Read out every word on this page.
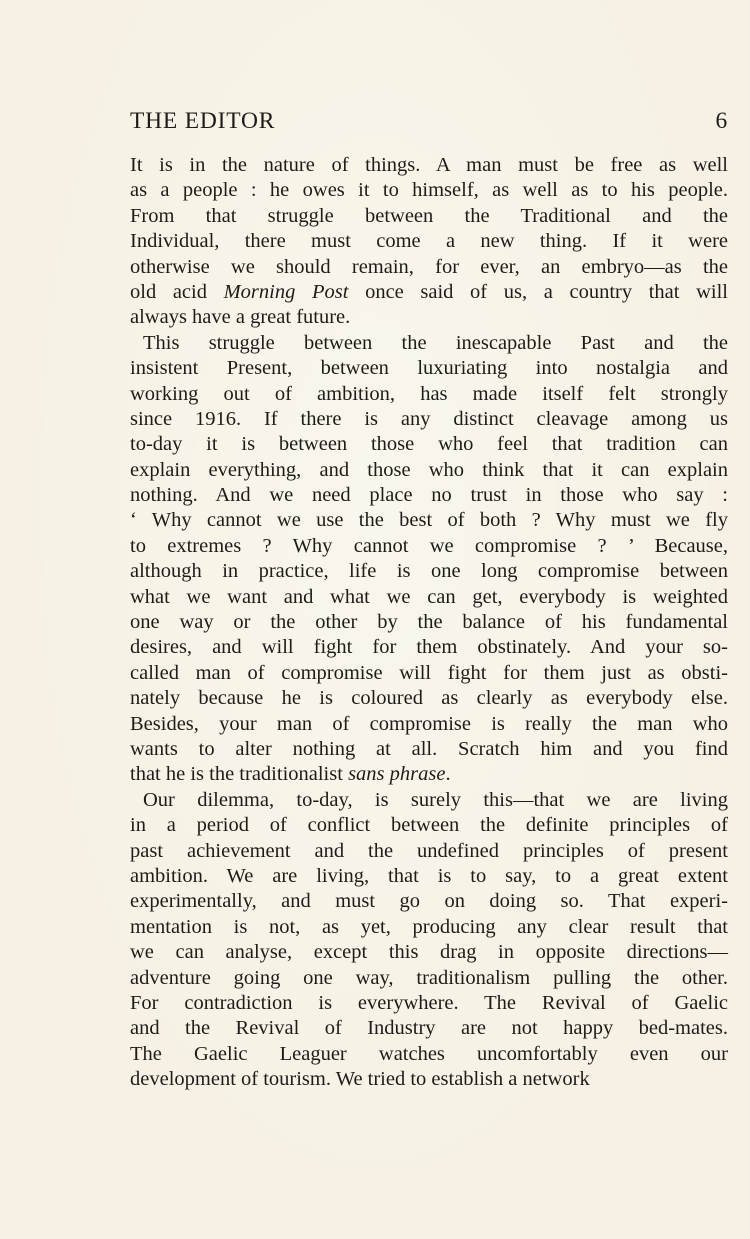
THE EDITOR	6
It is in the nature of things. A man must be free as well
as a people : he owes it to himself, as well as to his people.
From that struggle between the Traditional and the
Individual, there must come a new thing. If it were
otherwise we should remain, for ever, an embryo—as the
old acid Morning Post once said of us, a country that will
always have a great future.
This struggle between the inescapable Past and the
insistent Present, between luxuriating into nostalgia and
working out of ambition, has made itself felt strongly
since 1916. If there is any distinct cleavage among us
to-day it is between those who feel that tradition can
explain everything, and those who think that it can explain
nothing. And we need place no trust in those who say :
‘ Why cannot we use the best of both ? Why must we fly
to extremes ? Why cannot we compromise ? ’ Because,
although in practice, life is one long compromise between
what we want and what we can get, everybody is weighted
one way or the other by the balance of his fundamental
desires, and will fight for them obstinately. And your so-
called man of compromise will fight for them just as obsti-
nately because he is coloured as clearly as everybody else.
Besides, your man of compromise is really the man who
wants to alter nothing at all. Scratch him and you find
that he is the traditionalist sans phrase.
Our dilemma, to-day, is surely this—that we are living
in a period of conflict between the definite principles of
past achievement and the undefined principles of present
ambition. We are living, that is to say, to a great extent
experimentally, and must go on doing so. That experi-
mentation is not, as yet, producing any clear result that
we can analyse, except this drag in opposite directions—
adventure going one way, traditionalism pulling the other.
For contradiction is everywhere. The Revival of Gaelic
and the Revival of Industry are not happy bed-mates.
The Gaelic Leaguer watches uncomfortably even our
development of tourism. We tried to establish a network
